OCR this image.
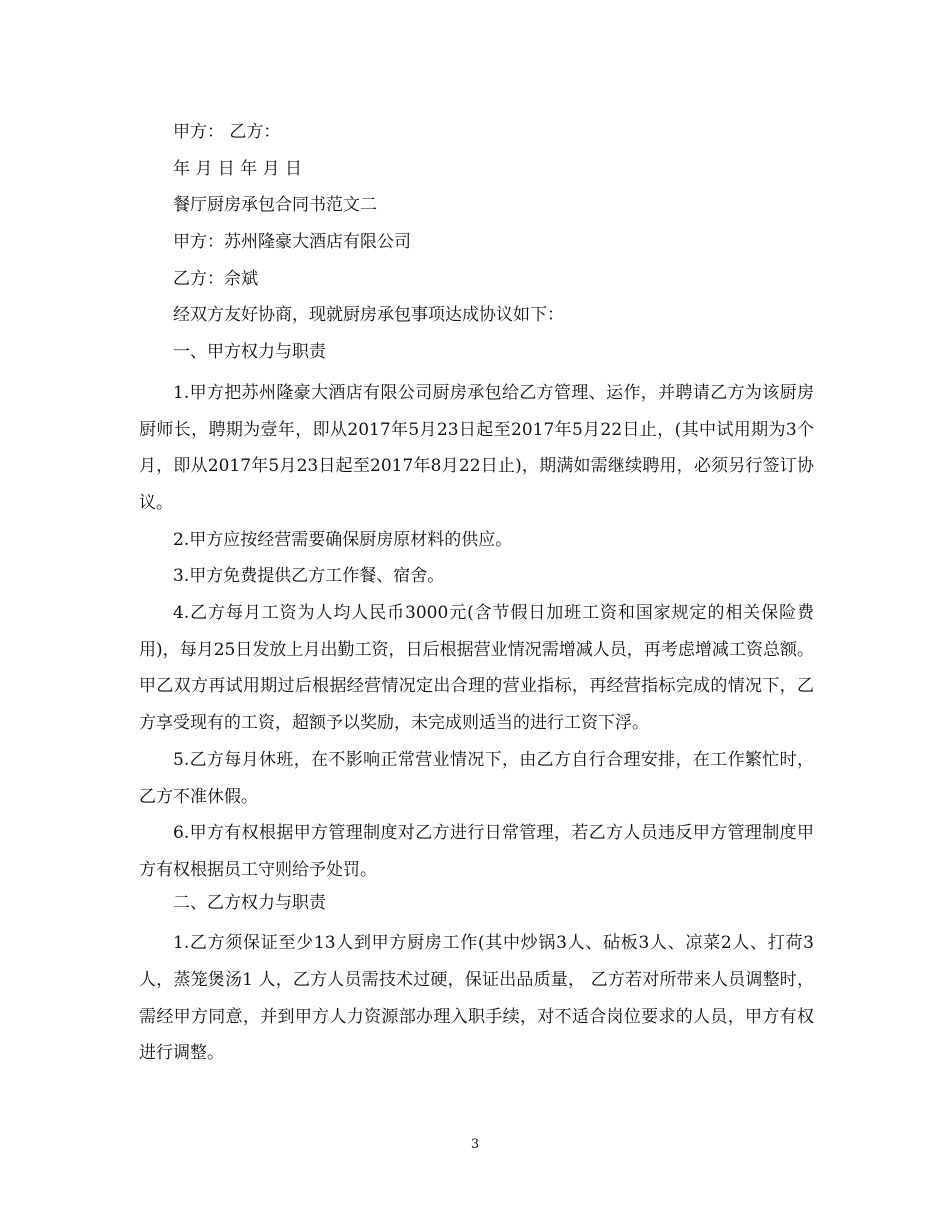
甲方： 乙方：
年 月 日 年 月 日
餐厅厨房承包合同书范文二
甲方：苏州隆豪大酒店有限公司
乙方：佘斌
经双方友好协商，现就厨房承包事项达成协议如下：
一、甲方权力与职责

1.甲方把苏州隆豪大酒店有限公司厨房承包给乙方管理、运作，并聘请乙方为该厨房厨师长，聘期为壹年，即从2017年5月23日起至2017年5月22日止，(其中试用期为3个月，即从2017年5月23日起至2017年8月22日止)，期满如需继续聘用，必须另行签订协议。

2.甲方应按经营需要确保厨房原材料的供应。

3.甲方免费提供乙方工作餐、宿舍。

4.乙方每月工资为人均人民币3000元(含节假日加班工资和国家规定的相关保险费用)，每月25日发放上月出勤工资，日后根据营业情况需增减人员，再考虑增减工资总额。甲乙双方再试用期过后根据经营情况定出合理的营业指标，再经营指标完成的情况下，乙方享受现有的工资，超额予以奖励，未完成则适当的进行工资下浮。

5.乙方每月休班，在不影响正常营业情况下，由乙方自行合理安排，在工作繁忙时，乙方不准休假。

6.甲方有权根据甲方管理制度对乙方进行日常管理，若乙方人员违反甲方管理制度甲方有权根据员工守则给予处罚。

二、乙方权力与职责

1.乙方须保证至少13人到甲方厨房工作(其中炒锅3人、砧板3人、凉菜2人、打荷3人，蒸笼煲汤1 人，乙方人员需技术过硬，保证出品质量， 乙方若对所带来人员调整时，需经甲方同意，并到甲方人力资源部办理入职手续，对不适合岗位要求的人员，甲方有权进行调整。

3
